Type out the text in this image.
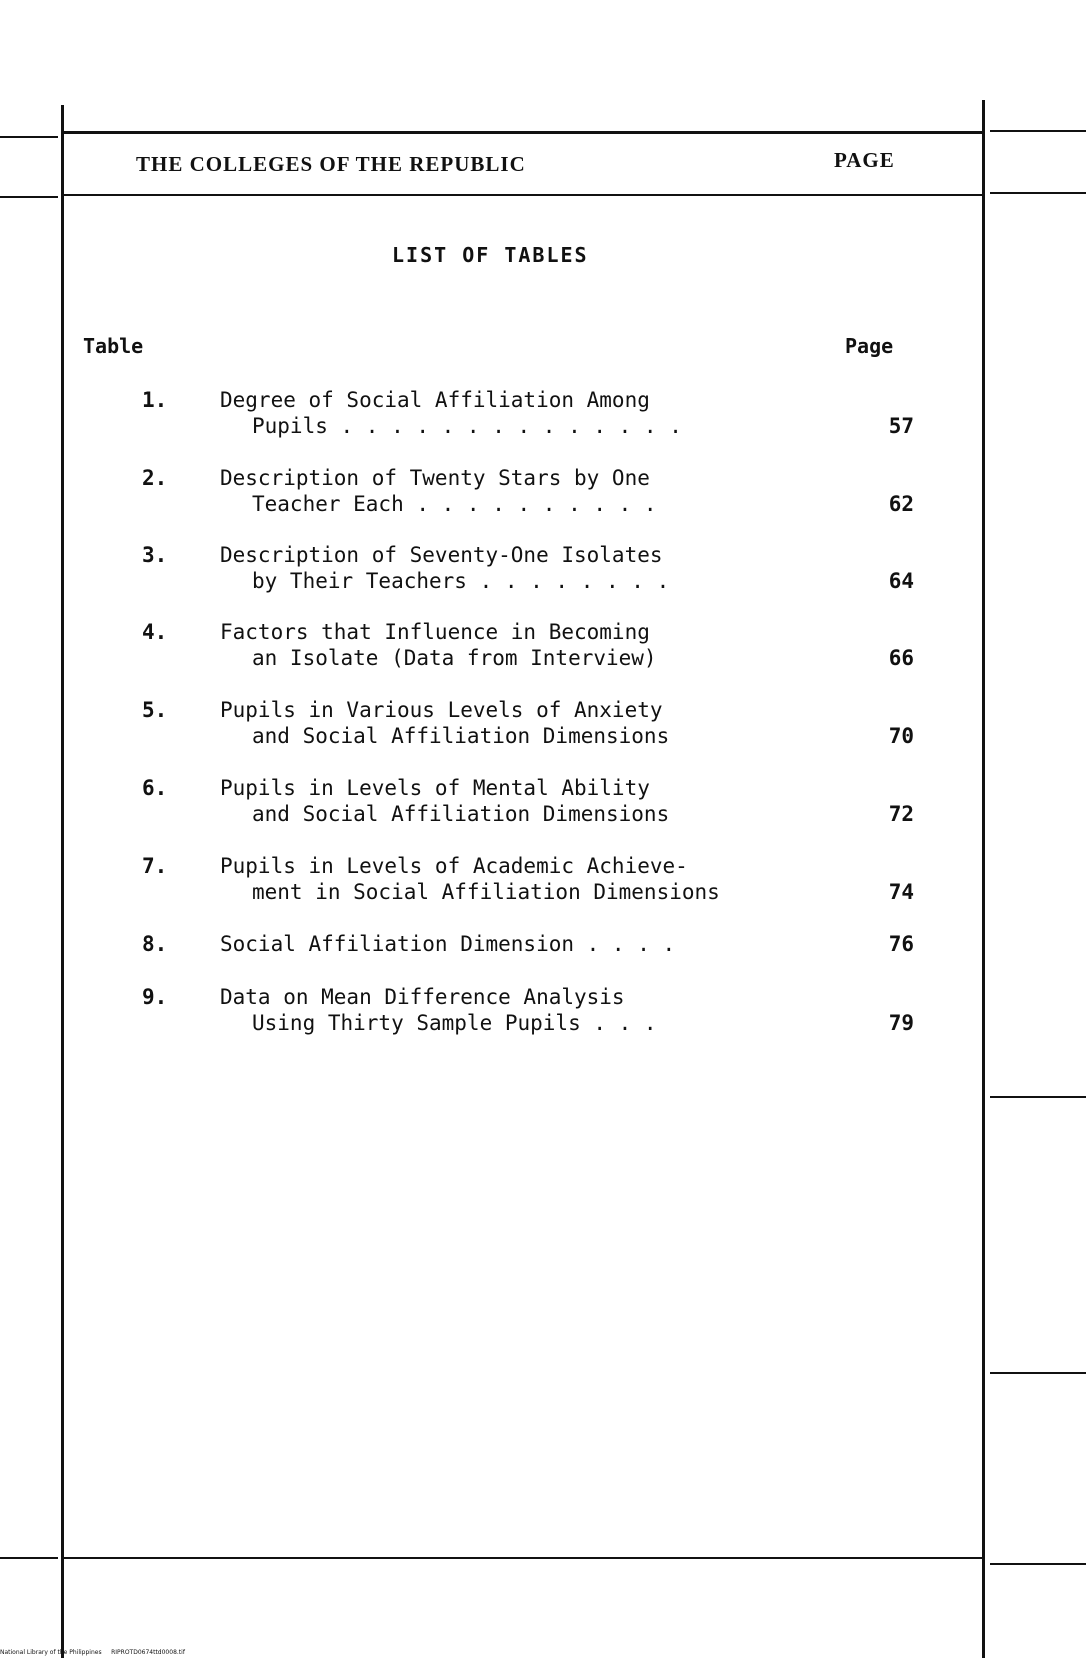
THE COLLEGES OF THE REPUBLIC	PAGE
LIST OF TABLES
Table	Page
1.	Degree of Social Affiliation Among
Pupils . . . . . . . . . . . . . .	57
2.	Description of Twenty Stars by One
Teacher Each . . . . . . . . . .	62
3.	Description of Seventy-One Isolates
by Their Teachers . . . . . . . .	64
4.	Factors that Influence in Becoming
an Isolate (Data from Interview)	66
5.	Pupils in Various Levels of Anxiety
and Social Affiliation Dimensions	70
6.	Pupils in Levels of Mental Ability
and Social Affiliation Dimensions	72
7.	Pupils in Levels of Academic Achieve-
ment in Social Affiliation Dimensions	74
8.	Social Affiliation Dimension . . . .	76
9.	Data on Mean Difference Analysis
Using Thirty Sample Pupils . . .	79
National Library of the Philippines     RIPROTD0674ttd0008.tif
